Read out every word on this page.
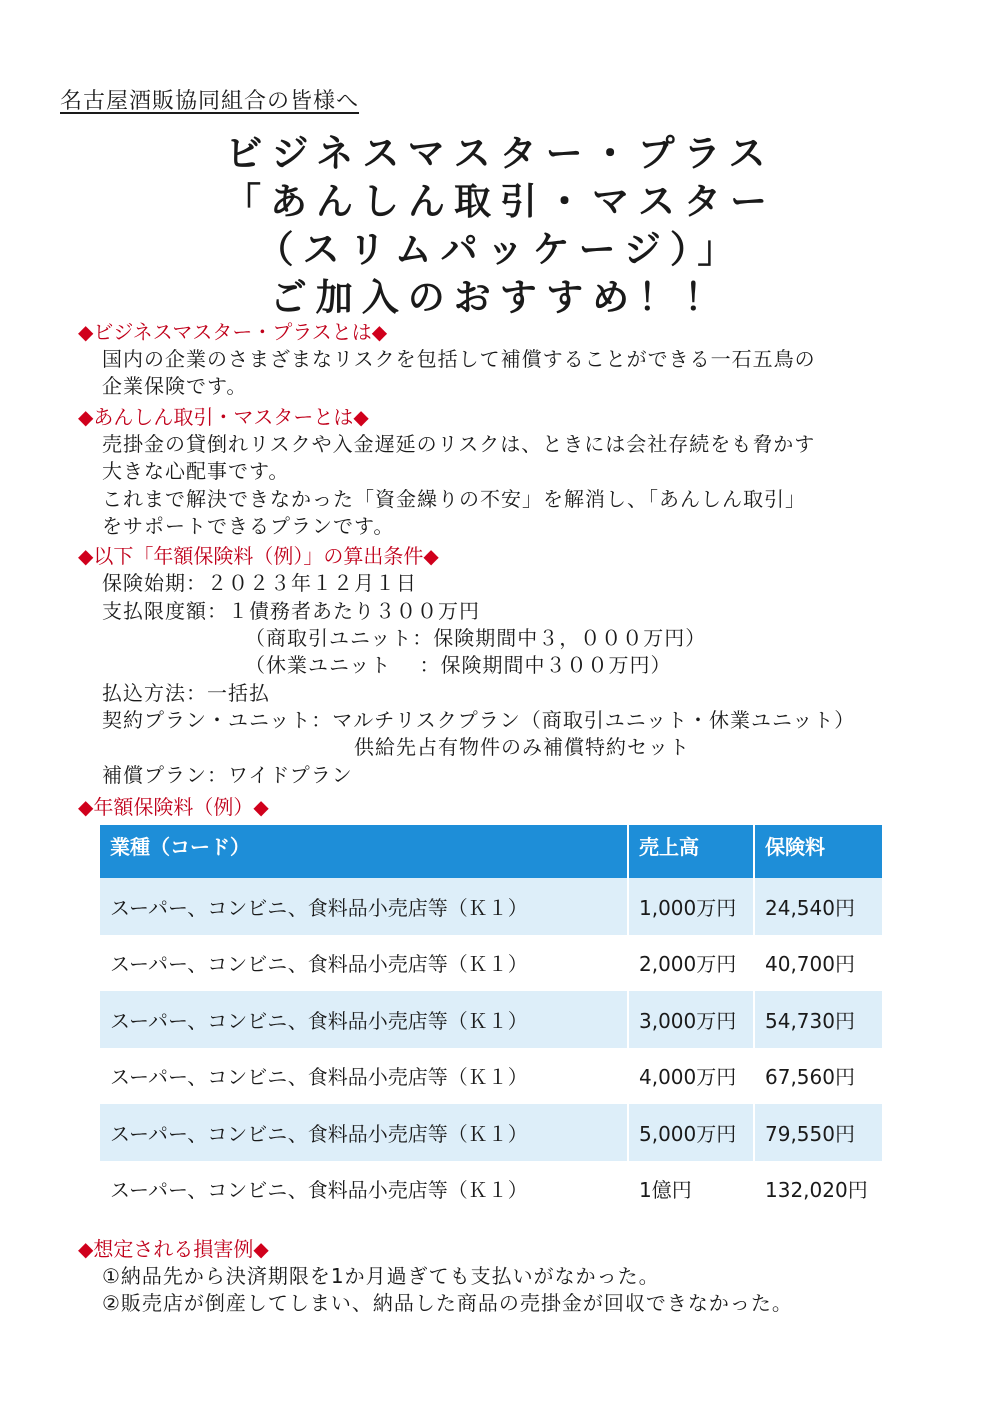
名古屋酒販協同組合の皆様へ
ビジネスマスター・プラス
「あんしん取引・マスター
（スリムパッケージ）」
ご加入のおすすめ！！
◆ビジネスマスター・プラスとは◆
国内の企業のさまざまなリスクを包括して補償することができる一石五鳥の
企業保険です。
◆あんしん取引・マスターとは◆
売掛金の貸倒れリスクや入金遅延のリスクは、ときには会社存続をも脅かす
大きな心配事です。
これまで解決できなかった「資金繰りの不安」を解消し、「あんしん取引」
をサポートできるプランです。
◆以下「年額保険料（例）」の算出条件◆
保険始期：２０２３年１２月１日
支払限度額：１債務者あたり３００万円
（商取引ユニット：保険期間中３，０００万円）
（休業ユニット　 ：保険期間中３００万円）
払込方法：一括払
契約プラン・ユニット：マルチリスクプラン（商取引ユニット・休業ユニット）
供給先占有物件のみ補償特約セット
補償プラン：ワイドプラン
◆年額保険料（例）◆
業種（コード）	売上高	保険料
スーパー、コンビニ、食料品小売店等（Ｋ１）	1,000万円	24,540円
スーパー、コンビニ、食料品小売店等（Ｋ１）	2,000万円	40,700円
スーパー、コンビニ、食料品小売店等（Ｋ１）	3,000万円	54,730円
スーパー、コンビニ、食料品小売店等（Ｋ１）	4,000万円	67,560円
スーパー、コンビニ、食料品小売店等（Ｋ１）	5,000万円	79,550円
スーパー、コンビニ、食料品小売店等（Ｋ１）	1億円	132,020円
◆想定される損害例◆
①納品先から決済期限を1か月過ぎても支払いがなかった。
②販売店が倒産してしまい、納品した商品の売掛金が回収できなかった。
